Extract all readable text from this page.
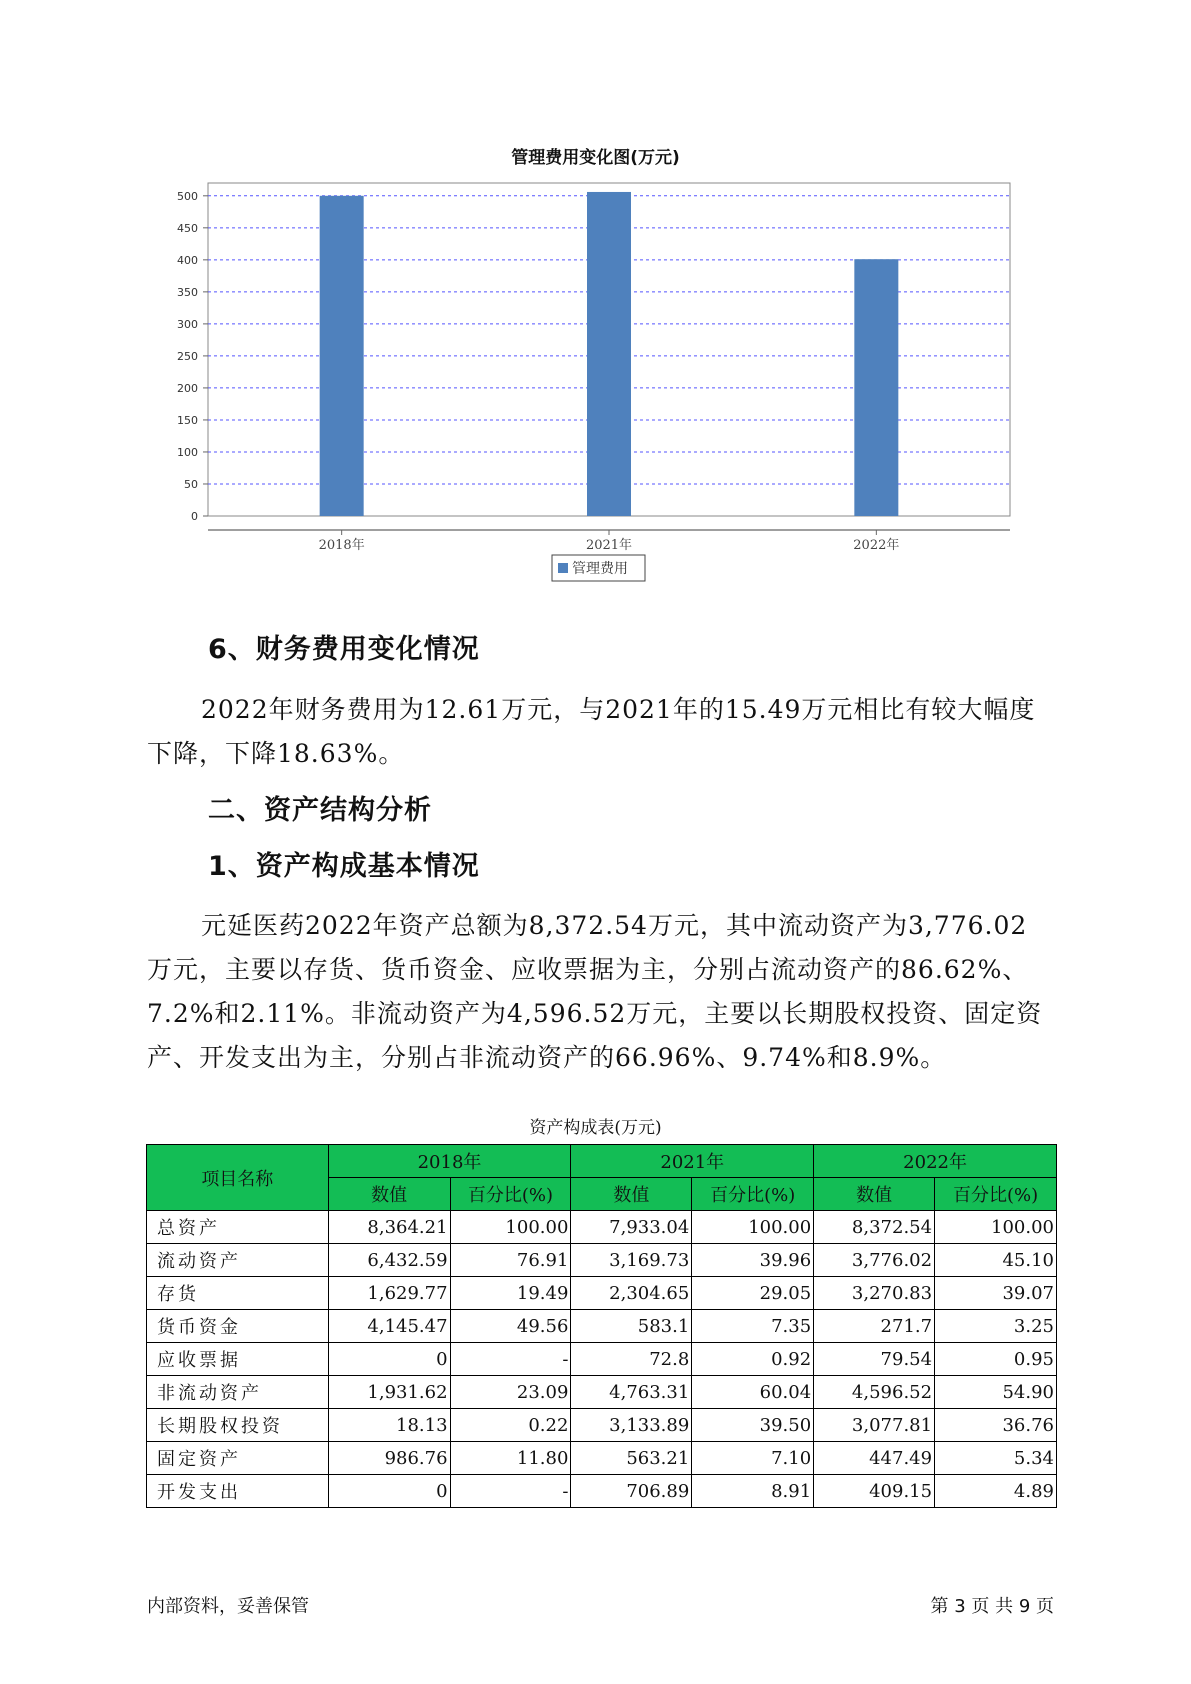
管理费用变化图(万元)
0
50
100
150
200
250
300
350
400
450
500
2018年	2021年	2022年
管理费用
6、财务费用变化情况

2022年财务费用为12.61万元，与2021年的15.49万元相比有较大幅度下降，下降18.63%。

二、资产结构分析
1、资产构成基本情况

元延医药2022年资产总额为8,372.54万元，其中流动资产为3,776.02万元，主要以存货、货币资金、应收票据为主，分别占流动资产的86.62%、7.2%和2.11%。非流动资产为4,596.52万元，主要以长期股权投资、固定资产、开发支出为主，分别占非流动资产的66.96%、9.74%和8.9%。

资产构成表(万元)
项目名称	2018年		2021年		2022年	
	数值	百分比(%)	数值	百分比(%)	数值	百分比(%)
总资产	8,364.21	100.00	7,933.04	100.00	8,372.54	100.00
流动资产	6,432.59	76.91	3,169.73	39.96	3,776.02	45.10
存货	1,629.77	19.49	2,304.65	29.05	3,270.83	39.07
货币资金	4,145.47	49.56	583.1	7.35	271.7	3.25
应收票据	0	-	72.8	0.92	79.54	0.95
非流动资产	1,931.62	23.09	4,763.31	60.04	4,596.52	54.90
长期股权投资	18.13	0.22	3,133.89	39.50	3,077.81	36.76
固定资产	986.76	11.80	563.21	7.10	447.49	5.34
开发支出	0	-	706.89	8.91	409.15	4.89
内部资料，妥善保管	第 3 页 共 9 页
